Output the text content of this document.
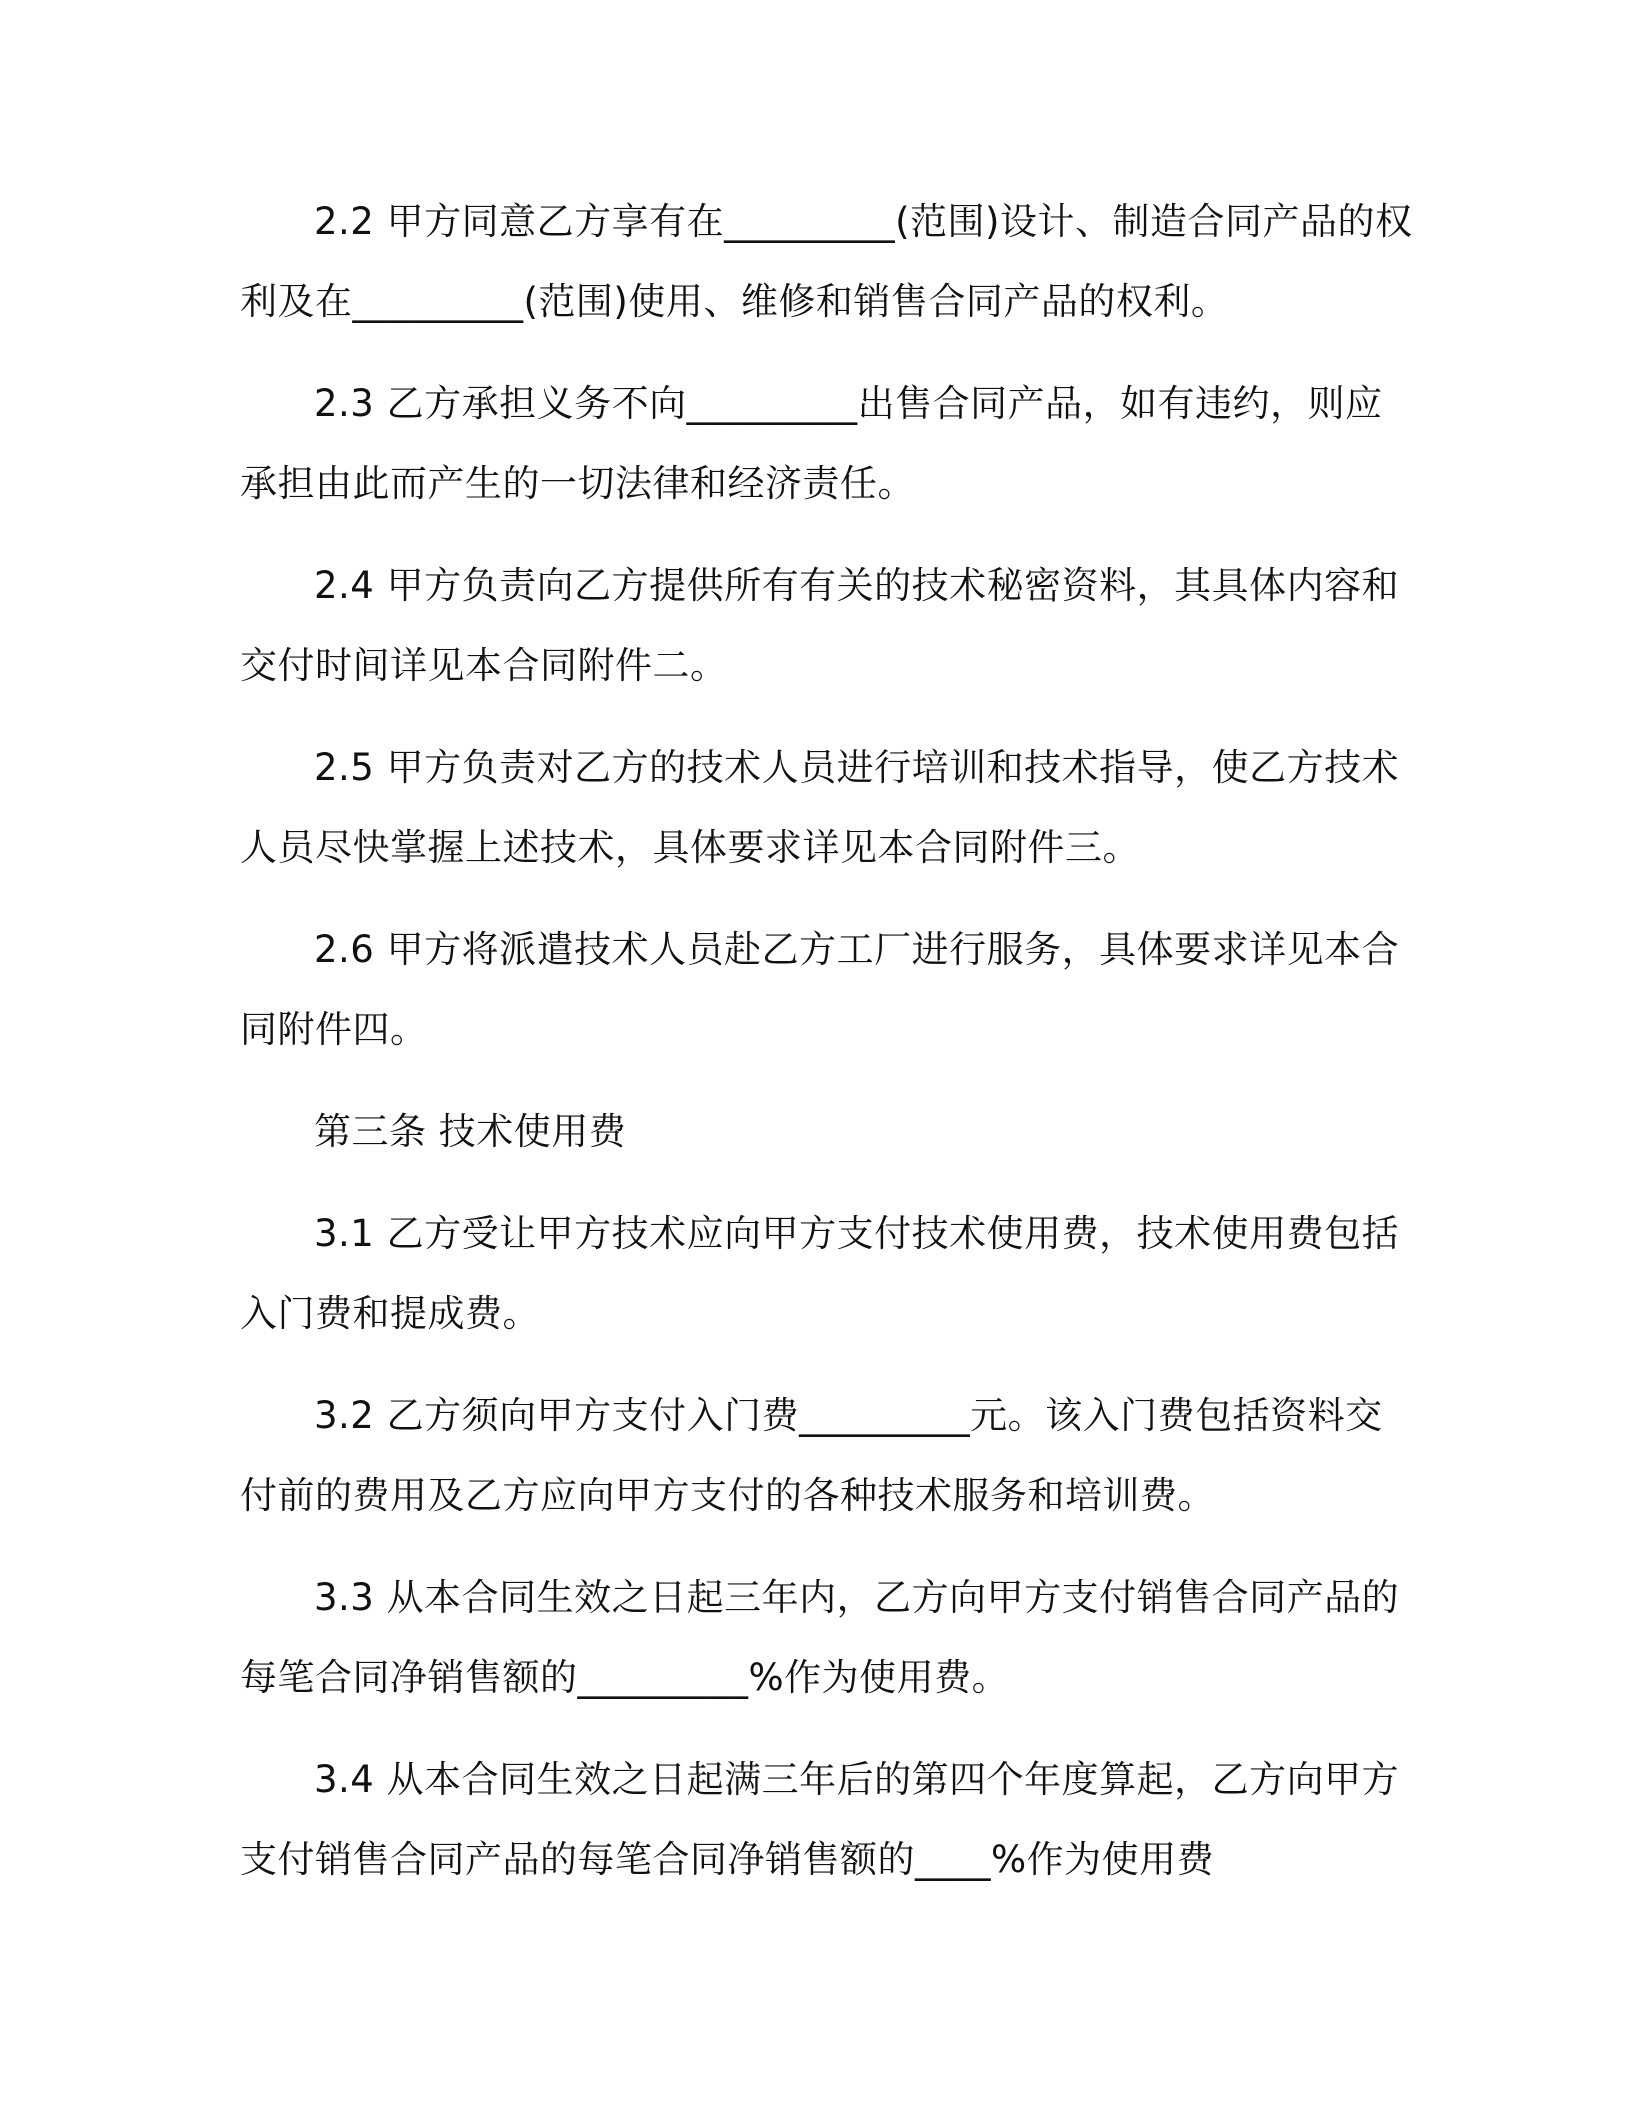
2.2 甲方同意乙方享有在_________(范围)设计、制造合同产品的权利及在_________(范围)使用、维修和销售合同产品的权利。

2.3 乙方承担义务不向_________出售合同产品，如有违约，则应承担由此而产生的一切法律和经济责任。

2.4 甲方负责向乙方提供所有有关的技术秘密资料，其具体内容和交付时间详见本合同附件二。

2.5 甲方负责对乙方的技术人员进行培训和技术指导，使乙方技术人员尽快掌握上述技术，具体要求详见本合同附件三。

2.6 甲方将派遣技术人员赴乙方工厂进行服务，具体要求详见本合同附件四。

第三条 技术使用费

3.1 乙方受让甲方技术应向甲方支付技术使用费，技术使用费包括入门费和提成费。

3.2 乙方须向甲方支付入门费_________元。该入门费包括资料交付前的费用及乙方应向甲方支付的各种技术服务和培训费。

3.3 从本合同生效之日起三年内，乙方向甲方支付销售合同产品的每笔合同净销售额的_________%作为使用费。

3.4 从本合同生效之日起满三年后的第四个年度算起，乙方向甲方支付销售合同产品的每笔合同净销售额的____%作为使用费
